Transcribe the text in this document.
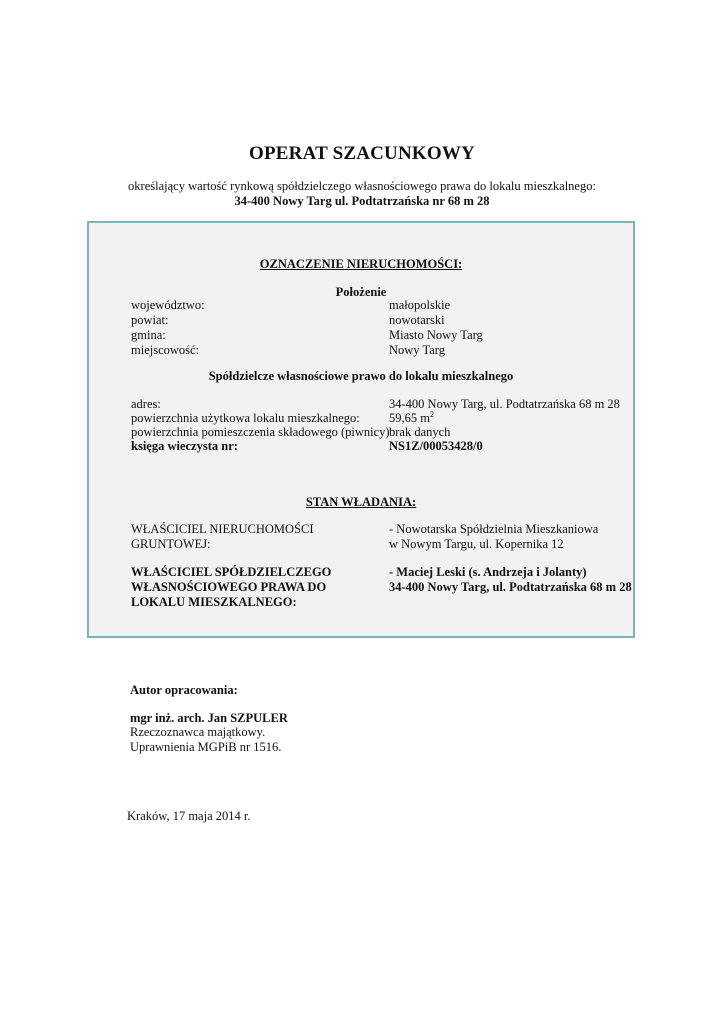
OPERAT SZACUNKOWY
określający wartość rynkową spółdzielczego własnościowego prawa do lokalu mieszkalnego:
34-400 Nowy Targ ul. Podtatrzańska nr 68 m 28
OZNACZENIE NIERUCHOMOŚCI:
Położenie
województwo:	małopolskie
powiat:	nowotarski
gmina:	Miasto Nowy Targ
miejscowość:	Nowy Targ
Spółdzielcze własnościowe prawo do lokalu mieszkalnego
adres:	34-400 Nowy Targ, ul. Podtatrzańska 68 m 28
powierzchnia użytkowa lokalu mieszkalnego: 59,65 $m^2$
powierzchnia pomieszczenia składowego (piwnicy) brak danych
księga wieczysta nr:	NS1Z/00053428/0
STAN WŁADANIA:
WŁAŚCICIEL NIERUCHOMOŚCI
GRUNTOWEJ:
- Nowotarska Spółdzielnia Mieszkaniowa
w Nowym Targu, ul. Kopernika 12
WŁAŚCICIEL SPÓŁDZIELCZEGO
WŁASNOŚCIOWEGO PRAWA DO
LOKALU MIESZKALNEGO:
- Maciej Leski (s. Andrzeja i Jolanty)
34-400 Nowy Targ, ul. Podtatrzańska 68 m 28
Autor opracowania:
mgr inż. arch. Jan SZPULER
Rzeczoznawca majątkowy.
Uprawnienia MGPiB nr 1516.
Kraków, 17 maja 2014 r.
